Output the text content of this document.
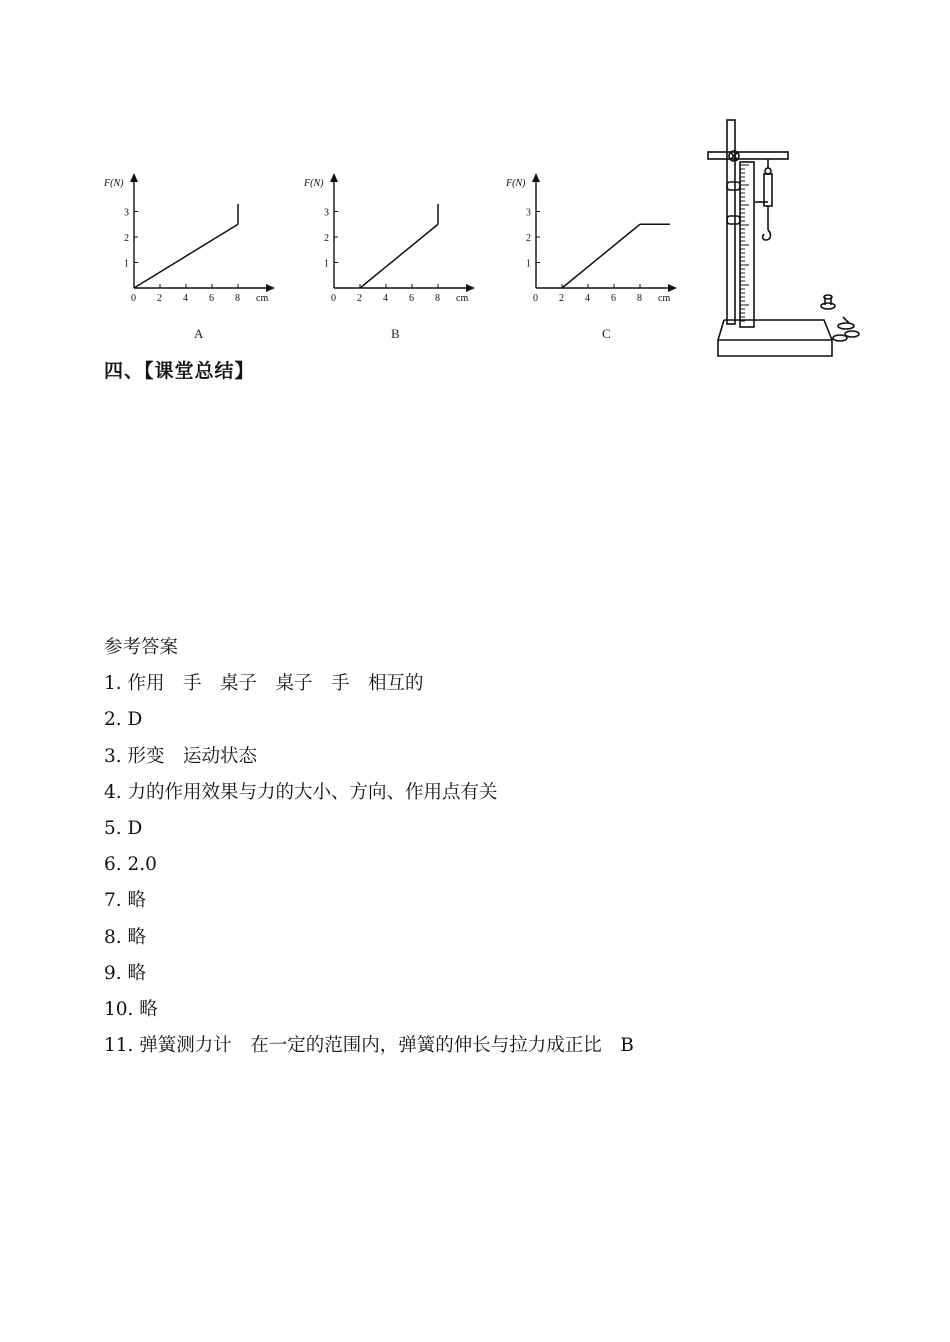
F(N)
cm
0 2 4 6 8
1
2
3
A
F(N)
cm
0 2 4 6 8
1
2
3
B
F(N)
cm
0 2 4 6 8
1
2
3
C
四、【课堂总结】
参考答案
1. 作用　手　桌子　桌子　手　相互的
2. D
3. 形变　运动状态
4. 力的作用效果与力的大小、方向、作用点有关
5. D
6. 2.0
7. 略
8. 略
9. 略
10. 略
11. 弹簧测力计　在一定的范围内，弹簧的伸长与拉力成正比　B
